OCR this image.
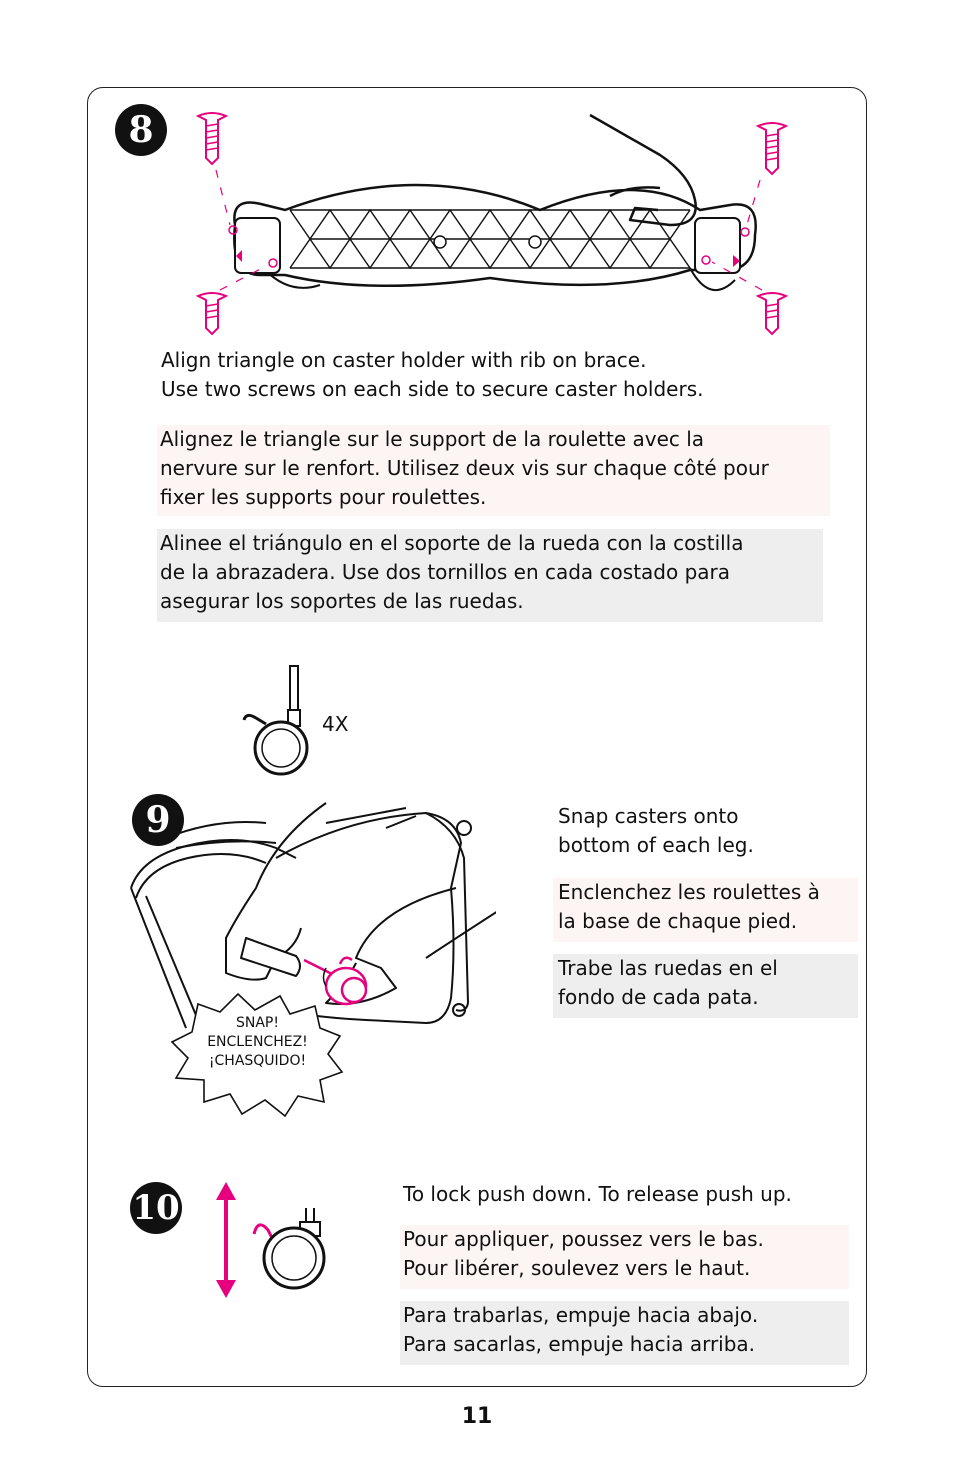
8

Align triangle on caster holder with rib on brace.
Use two screws on each side to secure caster holders.

Alignez le triangle sur le support de la roulette avec la
nervure sur le renfort. Utilisez deux vis sur chaque côté pour
fixer les supports pour roulettes.

Alinee el triángulo en el soporte de la rueda con la costilla
de la abrazadera. Use dos tornillos en cada costado para
asegurar los soportes de las ruedas.

4X

9
SNAP!
ENCLENCHEZ!
¡CHASQUIDO!

Snap casters onto
bottom of each leg.

Enclenchez les roulettes à
la base de chaque pied.

Trabe las ruedas en el
fondo de cada pata.

10	To lock push down. To release push up.

Pour appliquer, poussez vers le bas.
Pour libérer, soulevez vers le haut.

Para trabarlas, empuje hacia abajo.
Para sacarlas, empuje hacia arriba.

11
